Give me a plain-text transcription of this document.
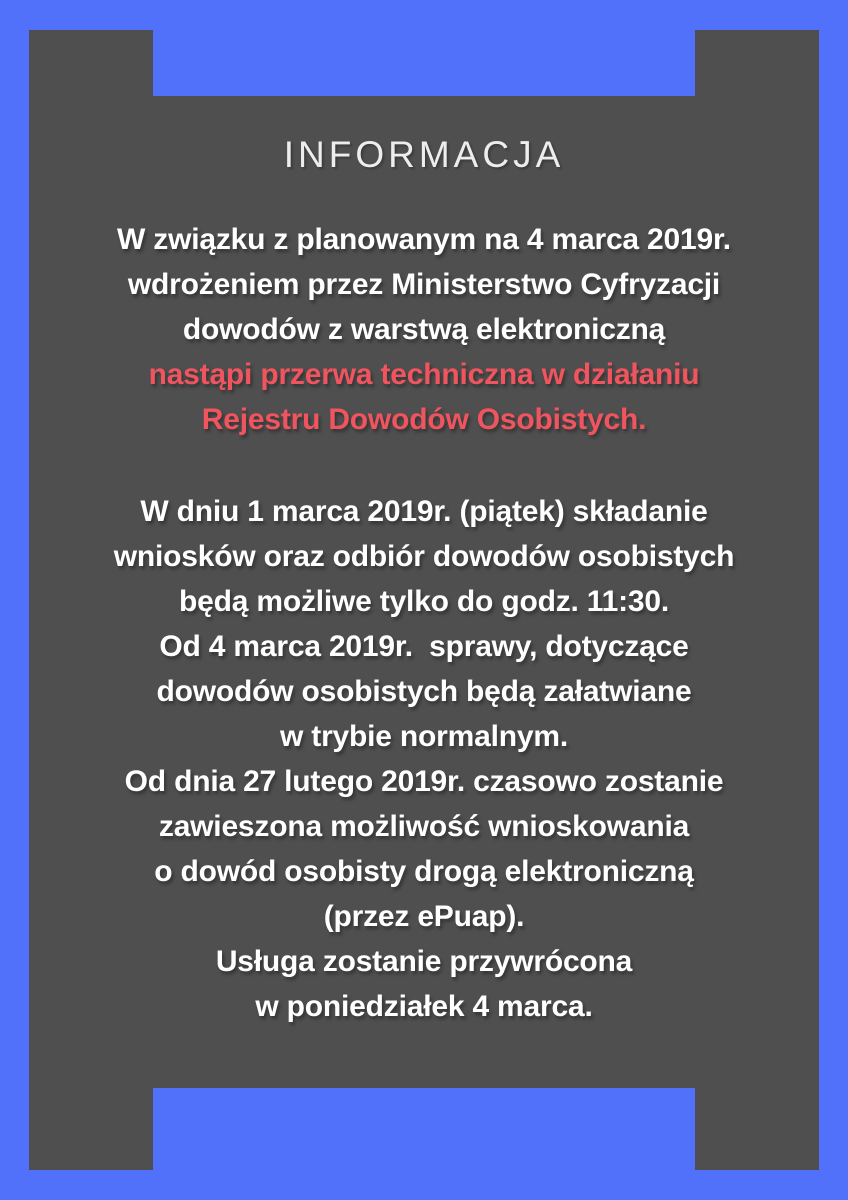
INFORMACJA
W związku z planowanym na 4 marca 2019r.
wdrożeniem przez Ministerstwo Cyfryzacji
dowodów z warstwą elektroniczną
nastąpi przerwa techniczna w działaniu
Rejestru Dowodów Osobistych.
W dniu 1 marca 2019r. (piątek) składanie
wniosków oraz odbiór dowodów osobistych
będą możliwe tylko do godz. 11:30.
Od 4 marca 2019r.  sprawy, dotyczące
dowodów osobistych będą załatwiane
w trybie normalnym.
Od dnia 27 lutego 2019r. czasowo zostanie
zawieszona możliwość wnioskowania
o dowód osobisty drogą elektroniczną
(przez ePuap).
Usługa zostanie przywrócona
w poniedziałek 4 marca.
